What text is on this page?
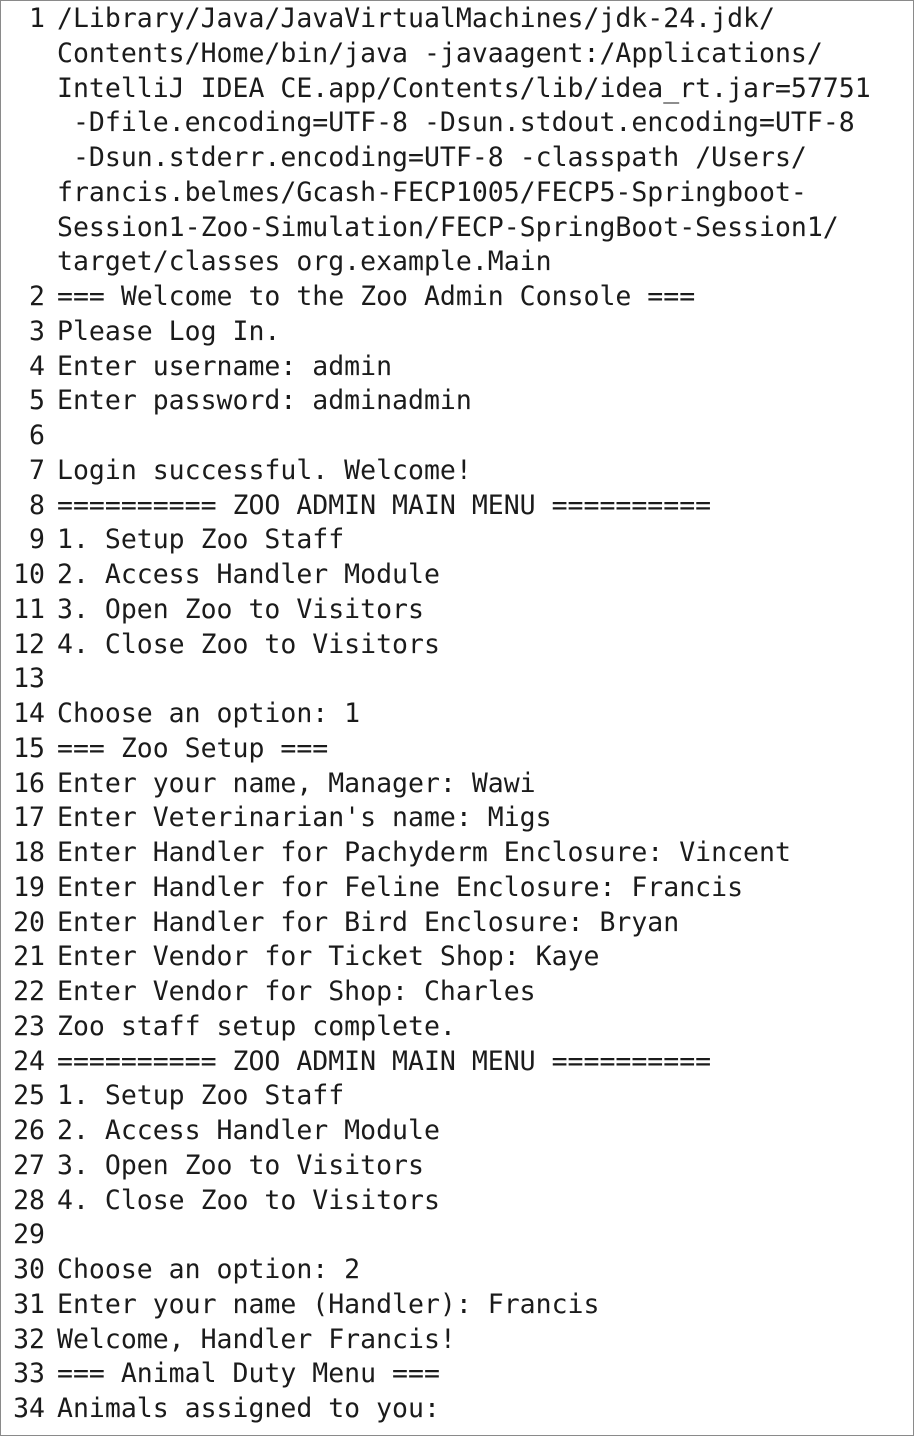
1 /Library/Java/JavaVirtualMachines/jdk-24.jdk/
Contents/Home/bin/java -javaagent:/Applications/
IntelliJ IDEA CE.app/Contents/lib/idea_rt.jar=57751
-Dfile.encoding=UTF-8 -Dsun.stdout.encoding=UTF-8
-Dsun.stderr.encoding=UTF-8 -classpath /Users/
francis.belmes/Gcash-FECP1005/FECP5-Springboot-
Session1-Zoo-Simulation/FECP-SpringBoot-Session1/
target/classes org.example.Main
2 === Welcome to the Zoo Admin Console ===
3 Please Log In.
4 Enter username: admin
5 Enter password: adminadmin
6
7 Login successful. Welcome!
8 ========== ZOO ADMIN MAIN MENU ==========
9 1. Setup Zoo Staff
10 2. Access Handler Module
11 3. Open Zoo to Visitors
12 4. Close Zoo to Visitors
13
14 Choose an option: 1
15 === Zoo Setup ===
16 Enter your name, Manager: Wawi
17 Enter Veterinarian's name: Migs
18 Enter Handler for Pachyderm Enclosure: Vincent
19 Enter Handler for Feline Enclosure: Francis
20 Enter Handler for Bird Enclosure: Bryan
21 Enter Vendor for Ticket Shop: Kaye
22 Enter Vendor for Shop: Charles
23 Zoo staff setup complete.
24 ========== ZOO ADMIN MAIN MENU ==========
25 1. Setup Zoo Staff
26 2. Access Handler Module
27 3. Open Zoo to Visitors
28 4. Close Zoo to Visitors
29
30 Choose an option: 2
31 Enter your name (Handler): Francis
32 Welcome, Handler Francis!
33 === Animal Duty Menu ===
34 Animals assigned to you:
